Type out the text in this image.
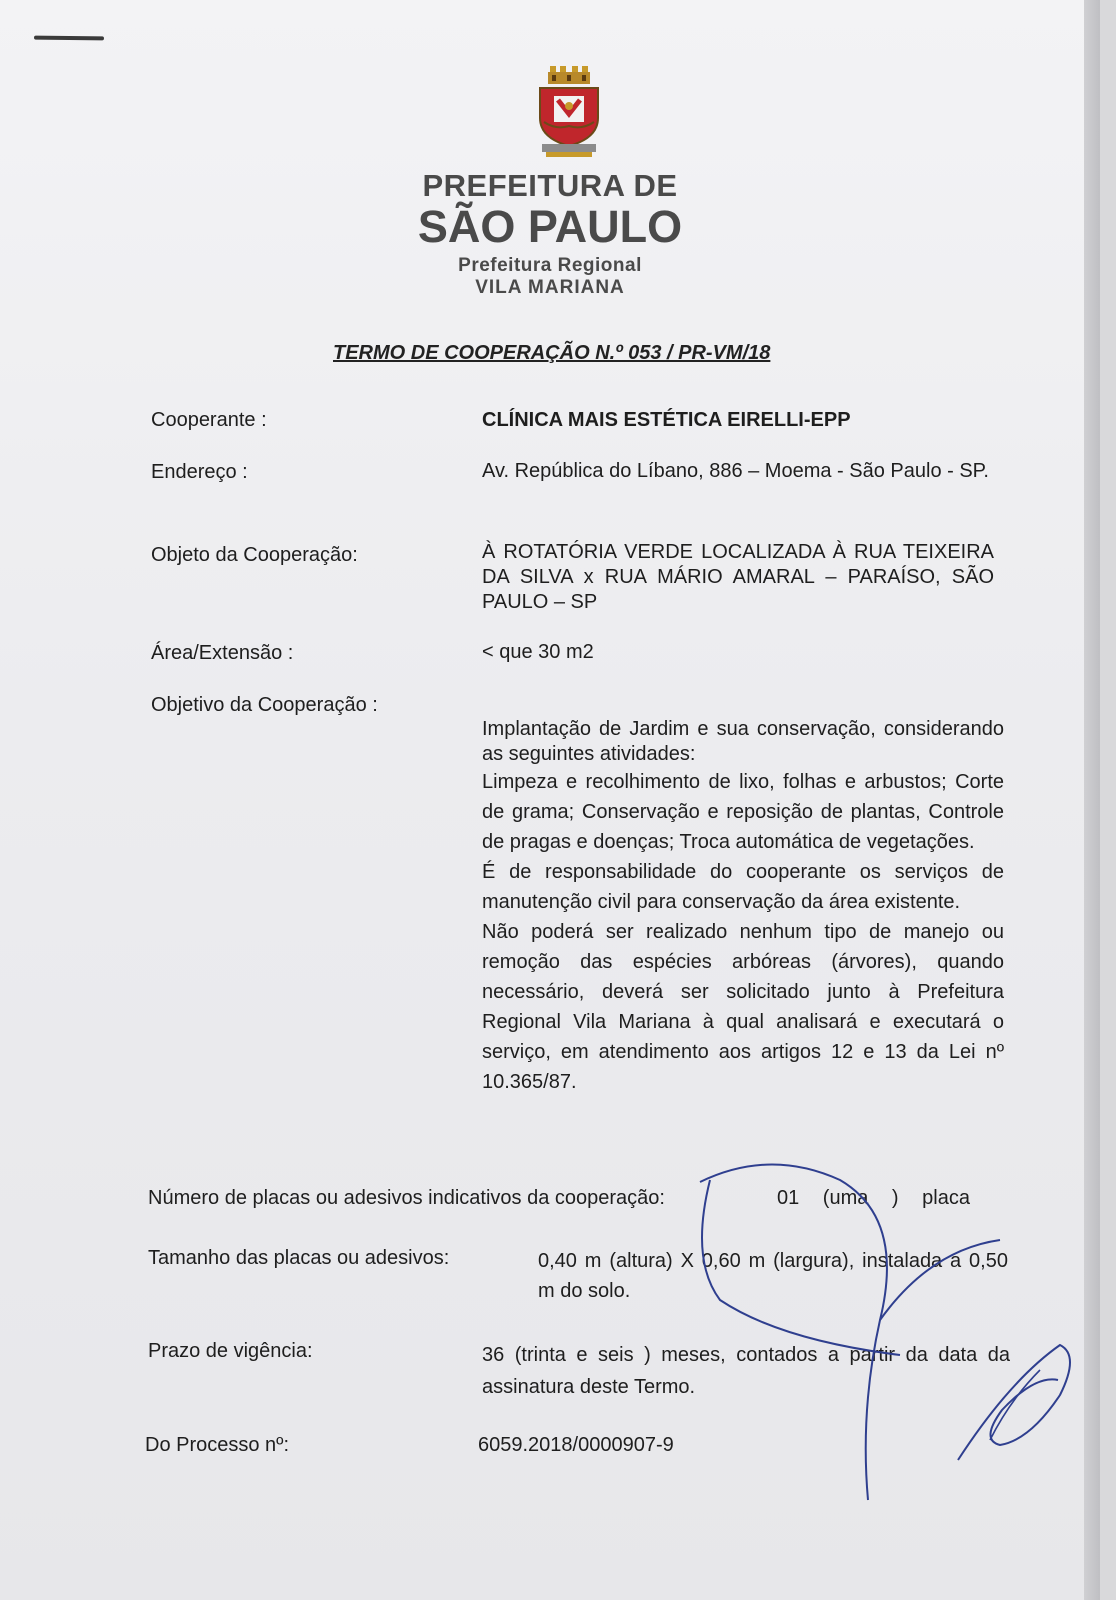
PREFEITURA DE
SÃO PAULO
Prefeitura Regional
VILA MARIANA
TERMO DE COOPERAÇÃO N.º 053 / PR-VM/18
Cooperante :	CLÍNICA MAIS ESTÉTICA EIRELLI-EPP
Endereço :	Av. República do Líbano, 886 – Moema - São Paulo - SP.
Objeto da Cooperação:	À ROTATÓRIA VERDE LOCALIZADA À RUA TEIXEIRA DA SILVA x RUA MÁRIO AMARAL – PARAÍSO, SÃO PAULO – SP
Área/Extensão :	< que 30 m2
Objetivo da Cooperação :
Implantação de Jardim e sua conservação, considerando as seguintes atividades:
Limpeza e recolhimento de lixo, folhas e arbustos; Corte de grama; Conservação e reposição de plantas, Controle de pragas e doenças; Troca automática de vegetações.
É de responsabilidade do cooperante os serviços de manutenção civil para conservação da área existente.
Não poderá ser realizado nenhum tipo de manejo ou remoção das espécies arbóreas (árvores), quando necessário, deverá ser solicitado junto à Prefeitura Regional Vila Mariana à qual analisará e executará o serviço, em atendimento aos artigos 12 e 13 da Lei nº 10.365/87.
Número de placas ou adesivos indicativos da cooperação:	01 (uma ) placa
Tamanho das placas ou adesivos:	0,40 m (altura) X 0,60 m (largura), instalada a 0,50 m do solo.
Prazo de vigência:	36 (trinta e seis ) meses, contados a partir da data da assinatura deste Termo.
Do Processo nº:	6059.2018/0000907-9
